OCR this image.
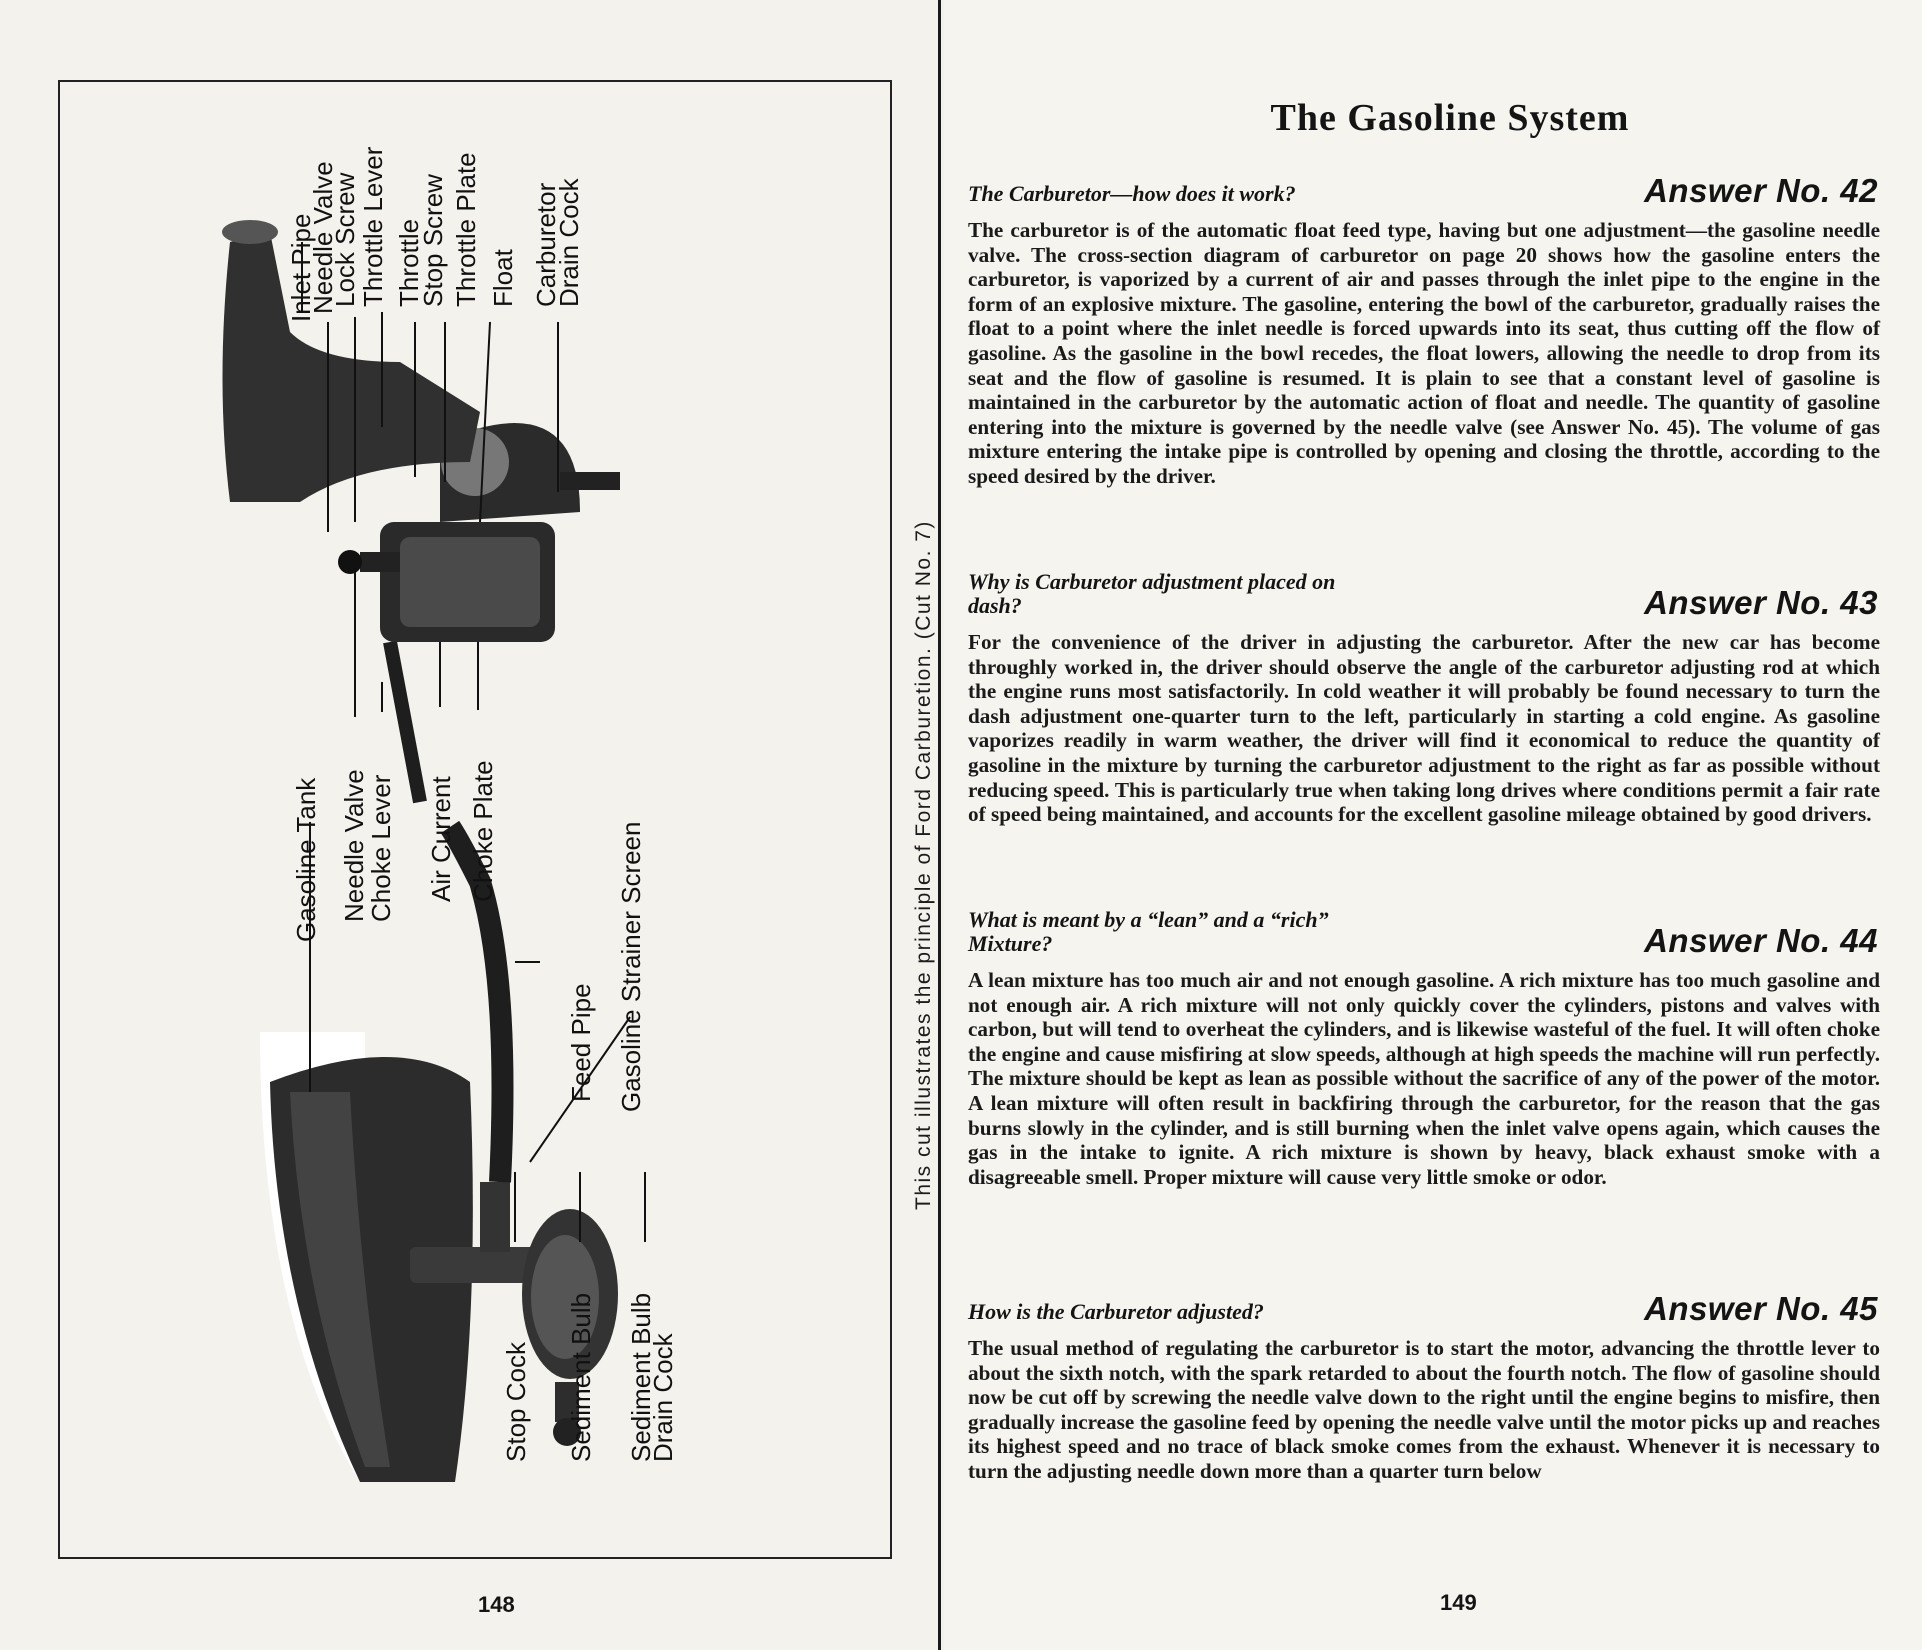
Inlet Pipe
Needle Valve
Lock Screw
Throttle Lever Throttle
Stop Screw Throttle Plate Float Carburetor
Drain Cock
Gasoline Tank Needle Valve
Choke Lever Air Current Choke Plate	Gasoline Strainer Screen
Feed Pipe
Stop Cock Sediment Bulb Sediment Bulb
Drain Cock
148
This cut illustrates the principle of Ford Carburetion. (Cut No. 7)
The Gasoline System
The Carburetor—how does it work?	Answer No. 42

The carburetor is of the automatic float feed type, having but one adjustment—the gasoline needle valve. The cross-section diagram of carburetor on page 20 shows how the gasoline enters the carburetor, is vaporized by a current of air and passes through the inlet pipe to the engine in the form of an explosive mixture. The gasoline, entering the bowl of the carburetor, gradually raises the float to a point where the inlet needle is forced upwards into its seat, thus cutting off the flow of gasoline. As the gasoline in the bowl recedes, the float lowers, allowing the needle to drop from its seat and the flow of gasoline is resumed. It is plain to see that a constant level of gasoline is maintained in the carburetor by the automatic action of float and needle. The quantity of gasoline entering into the mixture is governed by the needle valve (see Answer No. 45). The volume of gas mixture entering the intake pipe is controlled by opening and closing the throttle, according to the speed desired by the driver.

Why is Carburetor adjustment placed on dash?	Answer No. 43

For the convenience of the driver in adjusting the carburetor. After the new car has become throughly worked in, the driver should observe the angle of the carburetor adjusting rod at which the engine runs most satisfactorily. In cold weather it will probably be found necessary to turn the dash adjustment one-quarter turn to the left, particularly in starting a cold engine. As gasoline vaporizes readily in warm weather, the driver will find it economical to reduce the quantity of gasoline in the mixture by turning the carburetor adjustment to the right as far as possible without reducing speed. This is particularly true when taking long drives where conditions permit a fair rate of speed being maintained, and accounts for the excellent gasoline mileage obtained by good drivers.

What is meant by a “lean” and a “rich” Mixture?	Answer No. 44

A lean mixture has too much air and not enough gasoline. A rich mixture has too much gasoline and not enough air. A rich mixture will not only quickly cover the cylinders, pistons and valves with carbon, but will tend to overheat the cylinders, and is likewise wasteful of the fuel. It will often choke the engine and cause misfiring at slow speeds, although at high speeds the machine will run perfectly. The mixture should be kept as lean as possible without the sacrifice of any of the power of the motor. A lean mixture will often result in backfiring through the carburetor, for the reason that the gas burns slowly in the cylinder, and is still burning when the inlet valve opens again, which causes the gas in the intake to ignite. A rich mixture is shown by heavy, black exhaust smoke with a disagreeable smell. Proper mixture will cause very little smoke or odor.

How is the Carburetor adjusted?	Answer No. 45

The usual method of regulating the carburetor is to start the motor, advancing the throttle lever to about the sixth notch, with the spark retarded to about the fourth notch. The flow of gasoline should now be cut off by screwing the needle valve down to the right until the engine begins to misfire, then gradually increase the gasoline feed by opening the needle valve until the motor picks up and reaches its highest speed and no trace of black smoke comes from the exhaust. Whenever it is necessary to turn the adjusting needle down more than a quarter turn below

149
